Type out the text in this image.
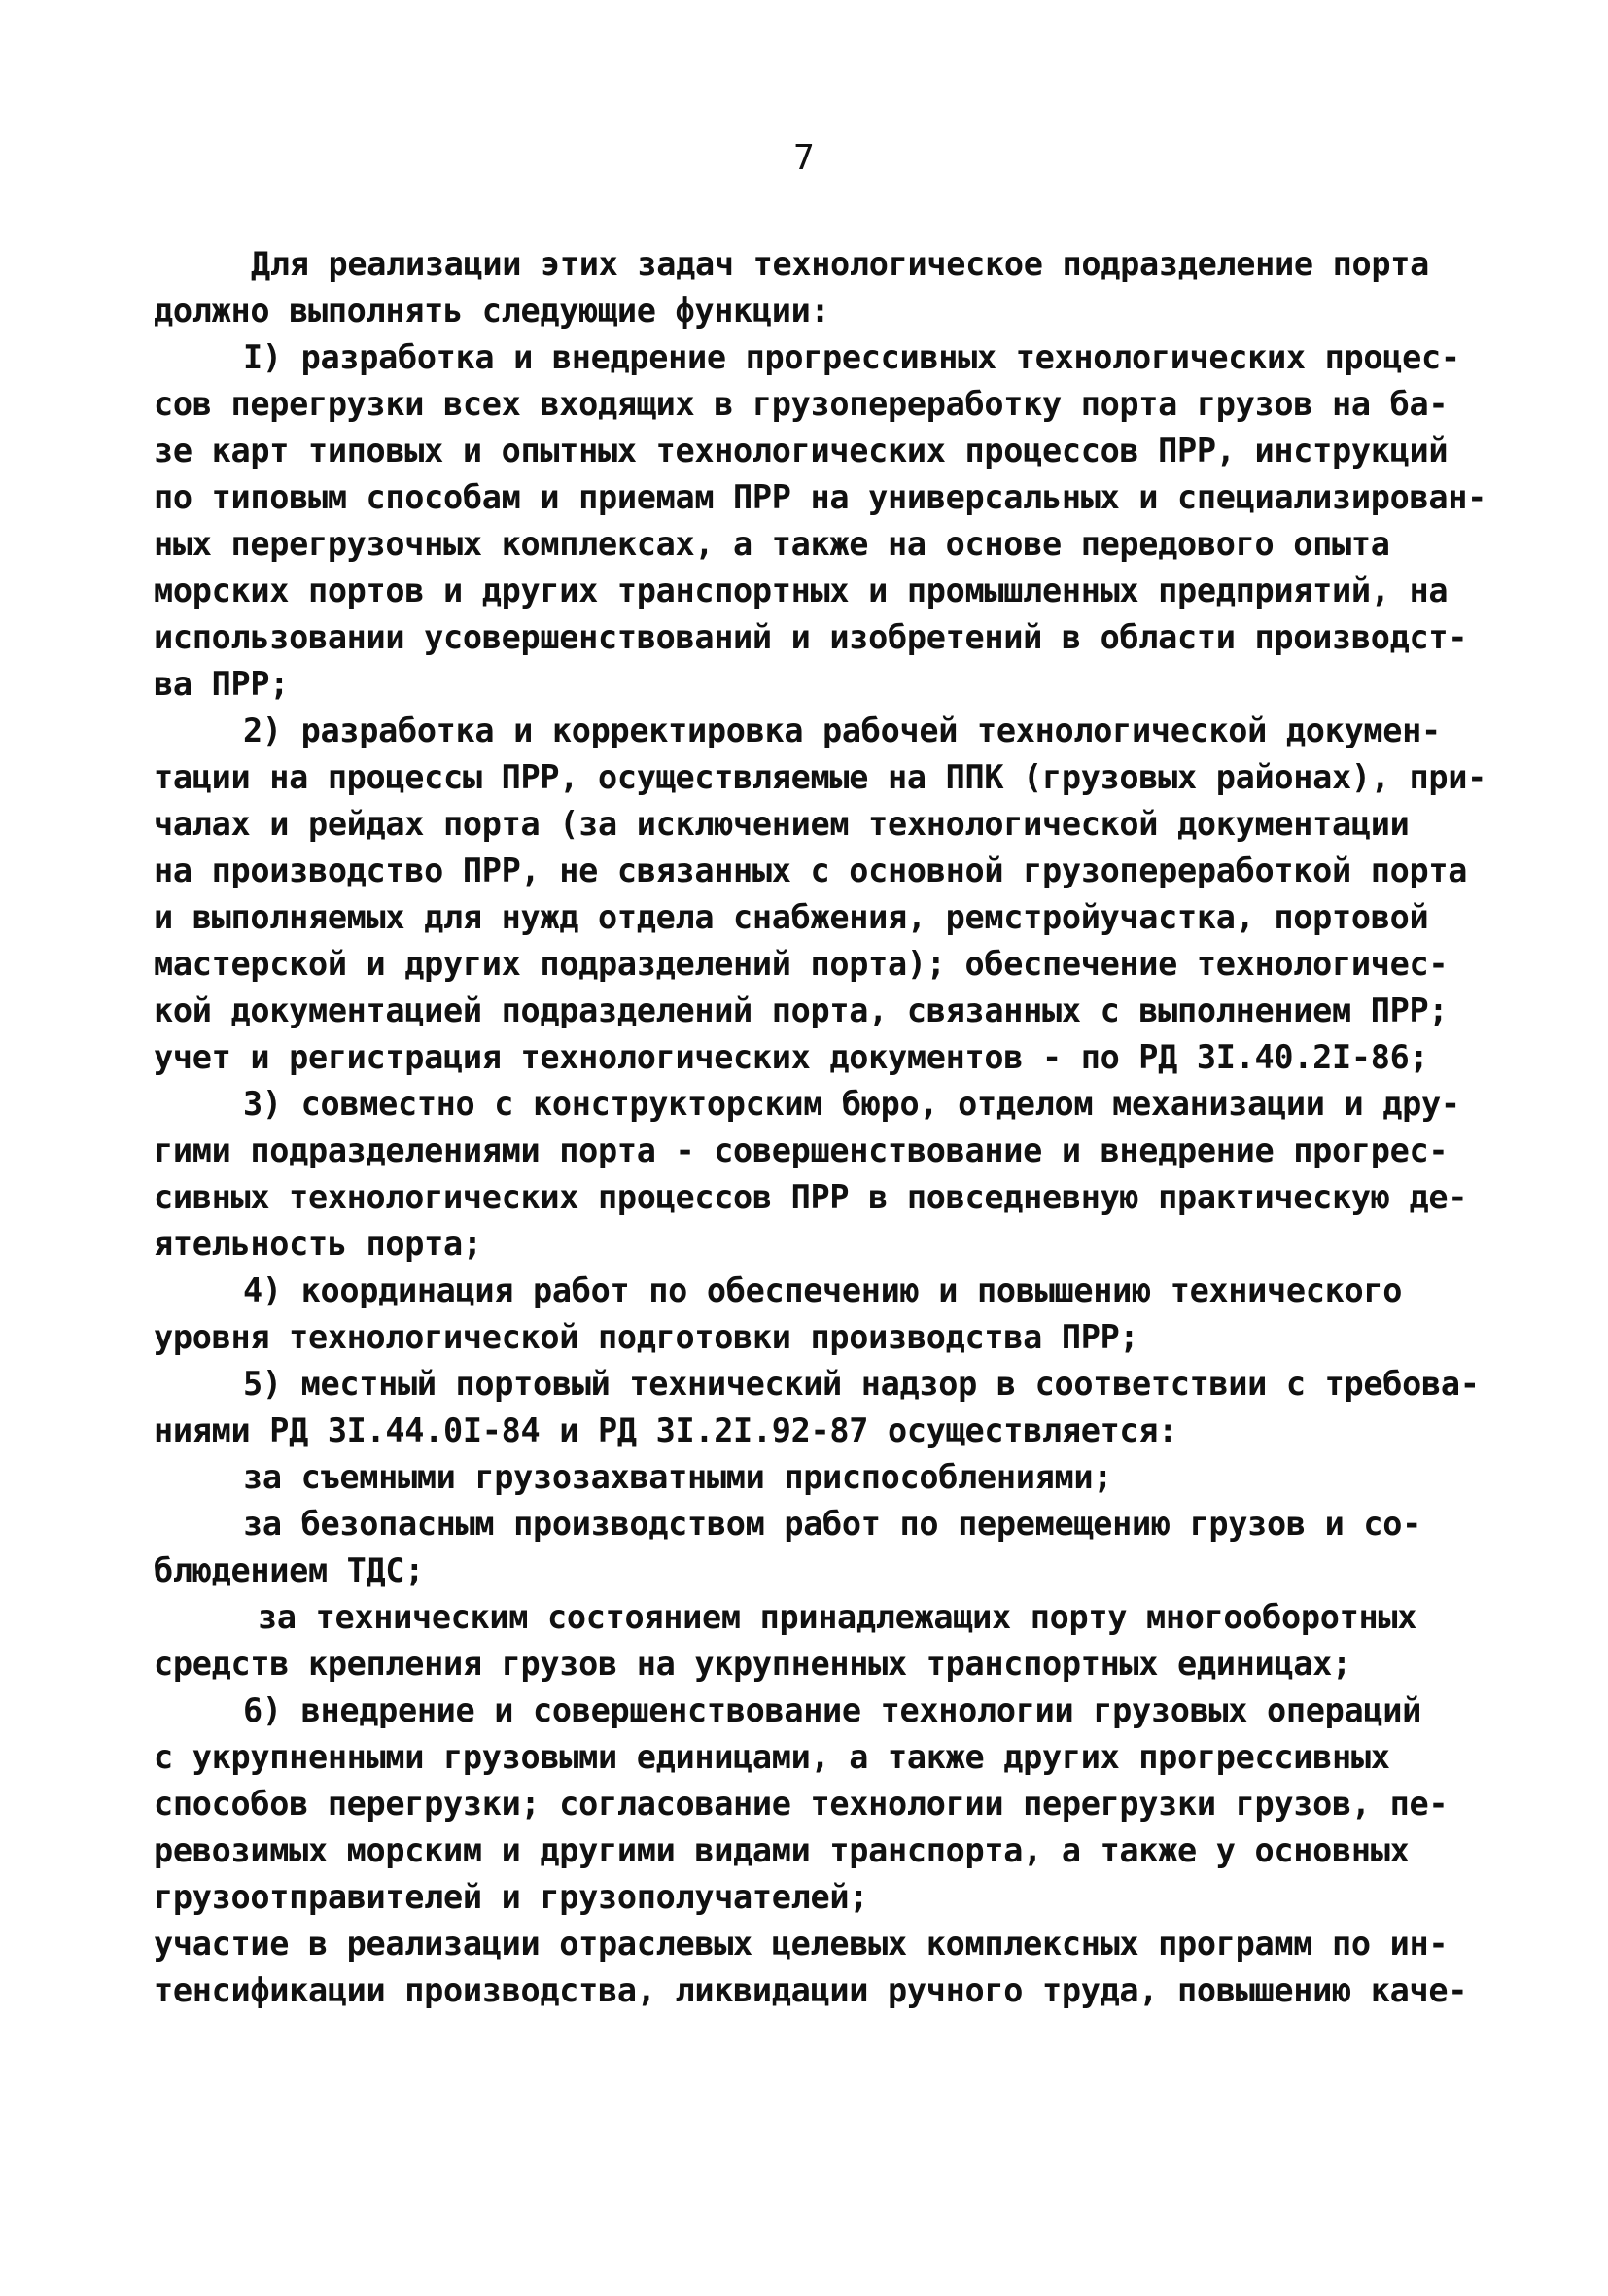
7
Для реализации этих задач технологическое подразделение порта
должно выполнять следующие функции:
I) разработка и внедрение прогрессивных технологических процес-
сов перегрузки всех входящих в грузопереработку порта грузов на ба-
зе карт типовых и опытных технологических процессов ПРР, инструкций
по типовым способам и приемам ПРР на универсальных и специализирован-
ных перегрузочных комплексах, а также на основе передового опыта
морских портов и других транспортных и промышленных предприятий, на
использовании усовершенствований и изобретений в области производст-
ва ПРР;
2) разработка и корректировка рабочей технологической докумен-
тации на процессы ПРР, осуществляемые на ППК (грузовых районах), при-
чалах и рейдах порта (за исключением технологической документации
на производство ПРР, не связанных с основной грузопереработкой порта
и выполняемых для нужд отдела снабжения, ремстройучастка, портовой
мастерской и других подразделений порта); обеспечение технологичес-
кой документацией подразделений порта, связанных с выполнением ПРР;
учет и регистрация технологических документов - по РД 3I.40.2I-86;
3) совместно с конструкторским бюро, отделом механизации и дру-
гими подразделениями порта - совершенствование и внедрение прогрес-
сивных технологических процессов ПРР в повседневную практическую де-
ятельность порта;
4) координация работ по обеспечению и повышению технического
уровня технологической подготовки производства ПРР;
5) местный портовый технический надзор в соответствии с требова-
ниями РД 3I.44.0I-84 и РД 3I.2I.92-87 осуществляется:
за съемными грузозахватными приспособлениями;
за безопасным производством работ по перемещению грузов и со-
блюдением ТДС;
за техническим состоянием принадлежащих порту многооборотных
средств крепления грузов на укрупненных транспортных единицах;
6) внедрение и совершенствование технологии грузовых операций
с укрупненными грузовыми единицами, а также других прогрессивных
способов перегрузки; согласование технологии перегрузки грузов, пе-
ревозимых морским и другими видами транспорта, а также у основных
грузоотправителей и грузополучателей;
участие в реализации отраслевых целевых комплексных программ по ин-
тенсификации производства, ликвидации ручного труда, повышению каче-
